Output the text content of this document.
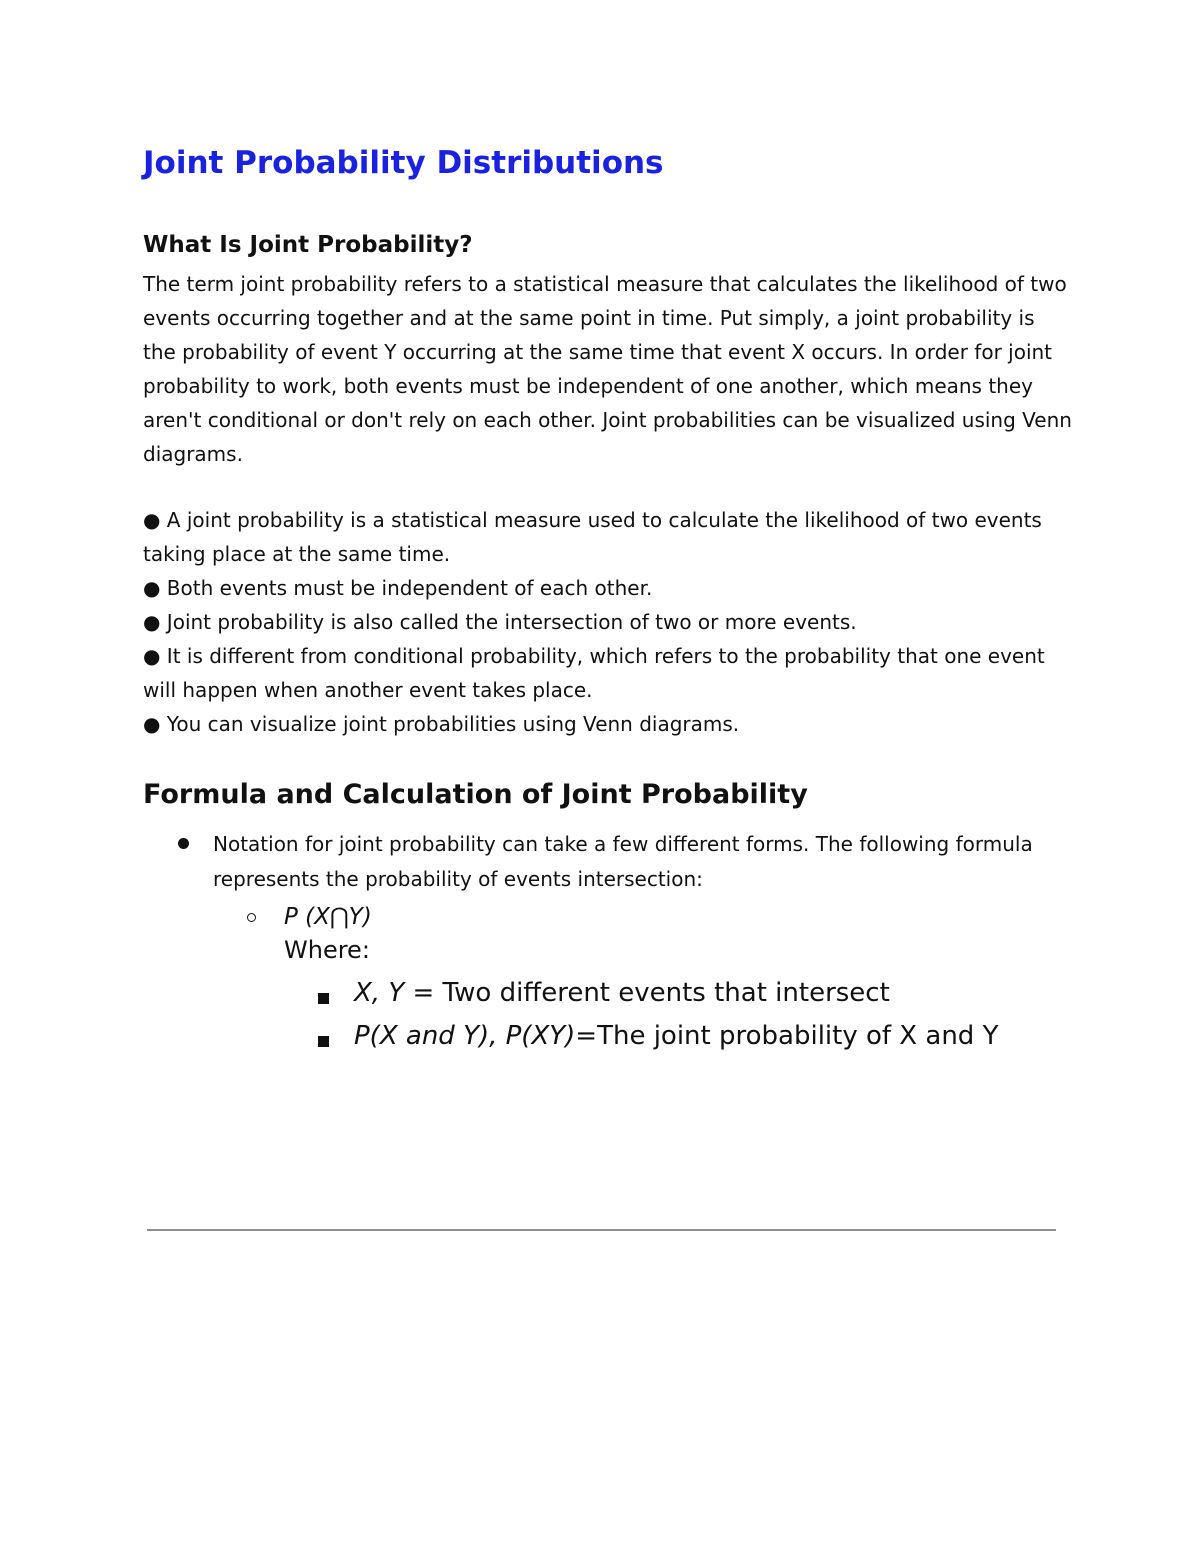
Joint Probability Distributions
What Is Joint Probability?

The term joint probability refers to a statistical measure that calculates the likelihood of two events occurring together and at the same point in time. Put simply, a joint probability is the probability of event Y occurring at the same time that event X occurs. In order for joint probability to work, both events must be independent of one another, which means they aren't conditional or don't rely on each other. Joint probabilities can be visualized using Venn diagrams.

● A joint probability is a statistical measure used to calculate the likelihood of two events taking place at the same time.
● Both events must be independent of each other.
● Joint probability is also called the intersection of two or more events.
● It is different from conditional probability, which refers to the probability that one event will happen when another event takes place.
● You can visualize joint probabilities using Venn diagrams.
Formula and Calculation of Joint Probability

Notation for joint probability can take a few different forms. The following formula represents the probability of events intersection:

P (X⋂Y)

Where:

X, Y = Two different events that intersect

P(X and Y), P(XY)=The joint probability of X and Y
